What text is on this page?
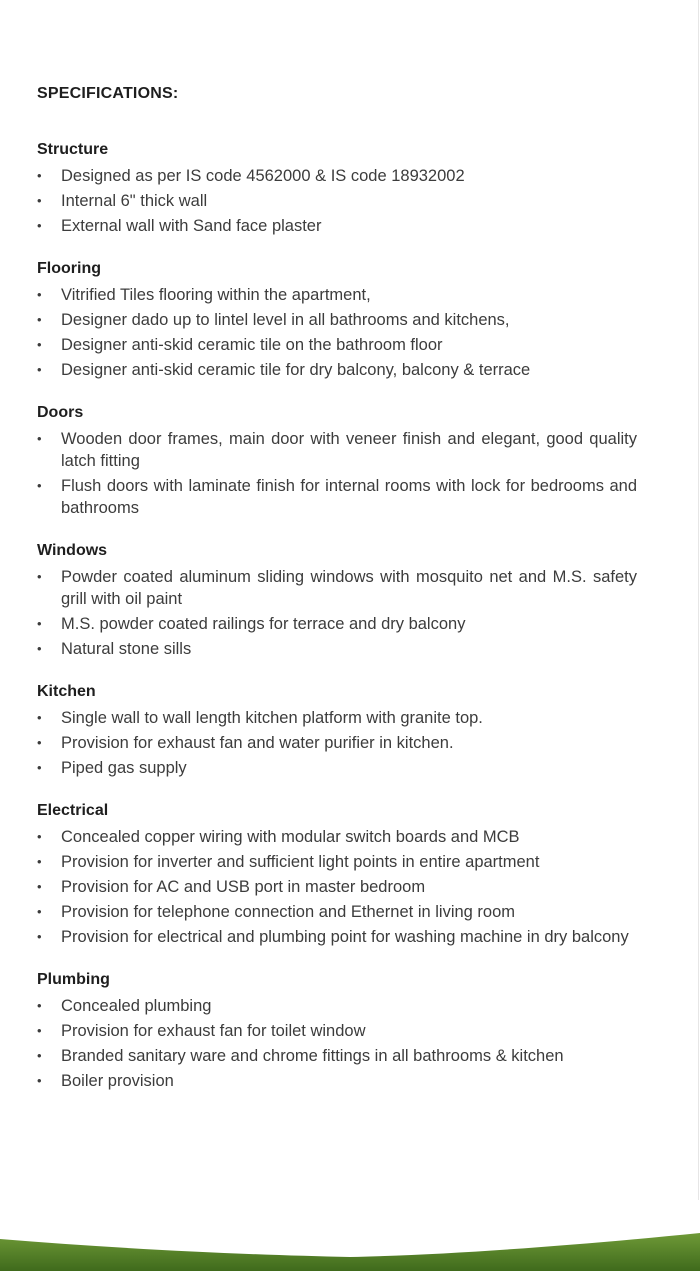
SPECIFICATIONS:
Structure
•	Designed as per IS code 4562000 & IS code 18932002
•	Internal 6" thick wall
•	External wall with Sand face plaster
Flooring
•	Vitrified Tiles flooring within the apartment,
•	Designer dado up to lintel level in all bathrooms and kitchens,
•	Designer anti-skid ceramic tile on the bathroom floor
•	Designer anti-skid ceramic tile for dry balcony, balcony & terrace
Doors
•	Wooden door frames, main door with veneer finish and elegant, good quality latch fitting
•	Flush doors with laminate finish for internal rooms with lock for bedrooms and bathrooms
Windows
•	Powder coated aluminum sliding windows with mosquito net and M.S. safety grill with oil paint
•	M.S. powder coated railings for terrace and dry balcony
•	Natural stone sills
Kitchen
•	Single wall to wall length kitchen platform with granite top.
•	Provision for exhaust fan and water purifier in kitchen.
•	Piped gas supply
Electrical
•	Concealed copper wiring with modular switch boards and MCB
•	Provision for inverter and sufficient light points in entire apartment
•	Provision for AC and USB port in master bedroom
•	Provision for telephone connection and Ethernet in living room
•	Provision for electrical and plumbing point for washing machine in dry balcony
Plumbing
•	Concealed plumbing
•	Provision for exhaust fan for toilet window
•	Branded sanitary ware and chrome fittings in all bathrooms & kitchen
•	Boiler provision
